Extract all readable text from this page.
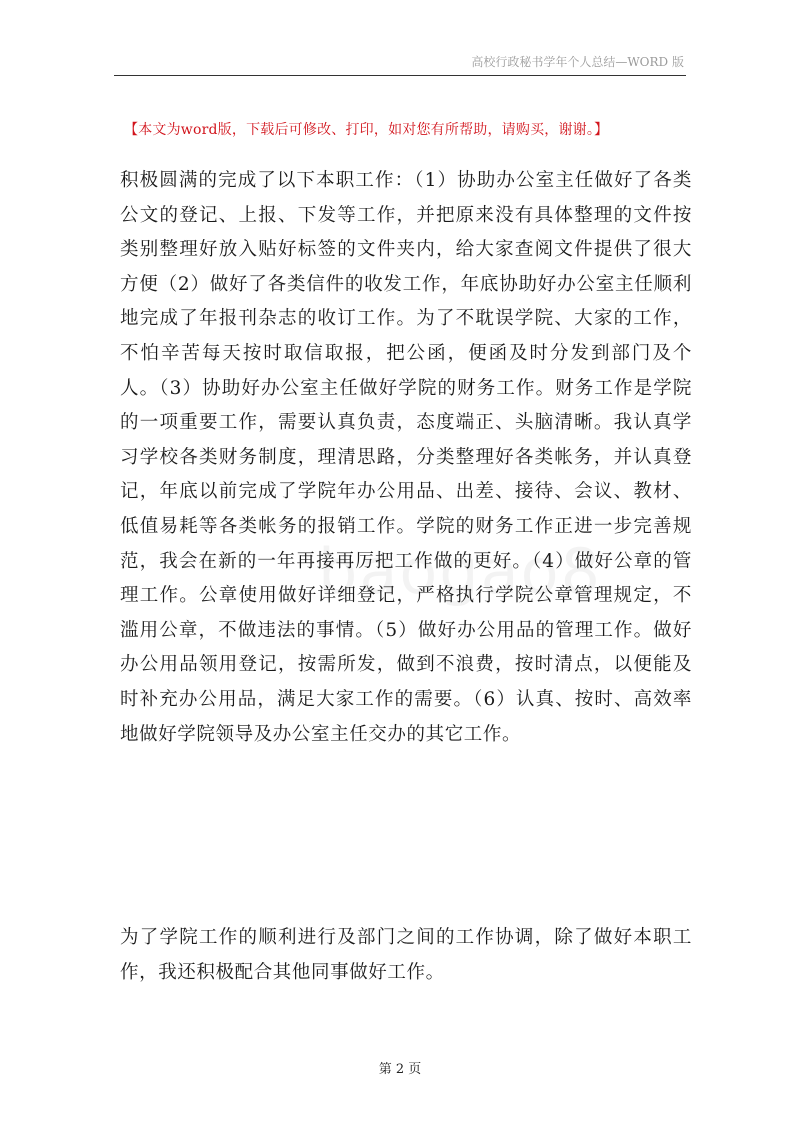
高校行政秘书学年个人总结—WORD 版
【本文为word版，下载后可修改、打印，如对您有所帮助，请购买，谢谢。】

积极圆满的完成了以下本职工作：（1）协助办公室主任做好了各类公文的登记、上报、下发等工作，并把原来没有具体整理的文件按类别整理好放入贴好标签的文件夹内，给大家查阅文件提供了很大方便（2）做好了各类信件的收发工作，年底协助好办公室主任顺利地完成了年报刊杂志的收订工作。为了不耽误学院、大家的工作，不怕辛苦每天按时取信取报，把公函，便函及时分发到部门及个人。（3）协助好办公室主任做好学院的财务工作。财务工作是学院的一项重要工作，需要认真负责，态度端正、头脑清晰。我认真学习学校各类财务制度，理清思路，分类整理好各类帐务，并认真登记，年底以前完成了学院年办公用品、出差、接待、会议、教材、低值易耗等各类帐务的报销工作。学院的财务工作正进一步完善规范，我会在新的一年再接再厉把工作做的更好。（4）做好公章的管理工作。公章使用做好详细登记，严格执行学院公章管理规定，不滥用公章，不做违法的事情。（5）做好办公用品的管理工作。做好办公用品领用登记，按需所发，做到不浪费，按时清点，以便能及时补充办公用品，满足大家工作的需要。（6）认真、按时、高效率地做好学院领导及办公室主任交办的其它工作。

为了学院工作的顺利进行及部门之间的工作协调，除了做好本职工作，我还积极配合其他同事做好工作。

第 2 页
